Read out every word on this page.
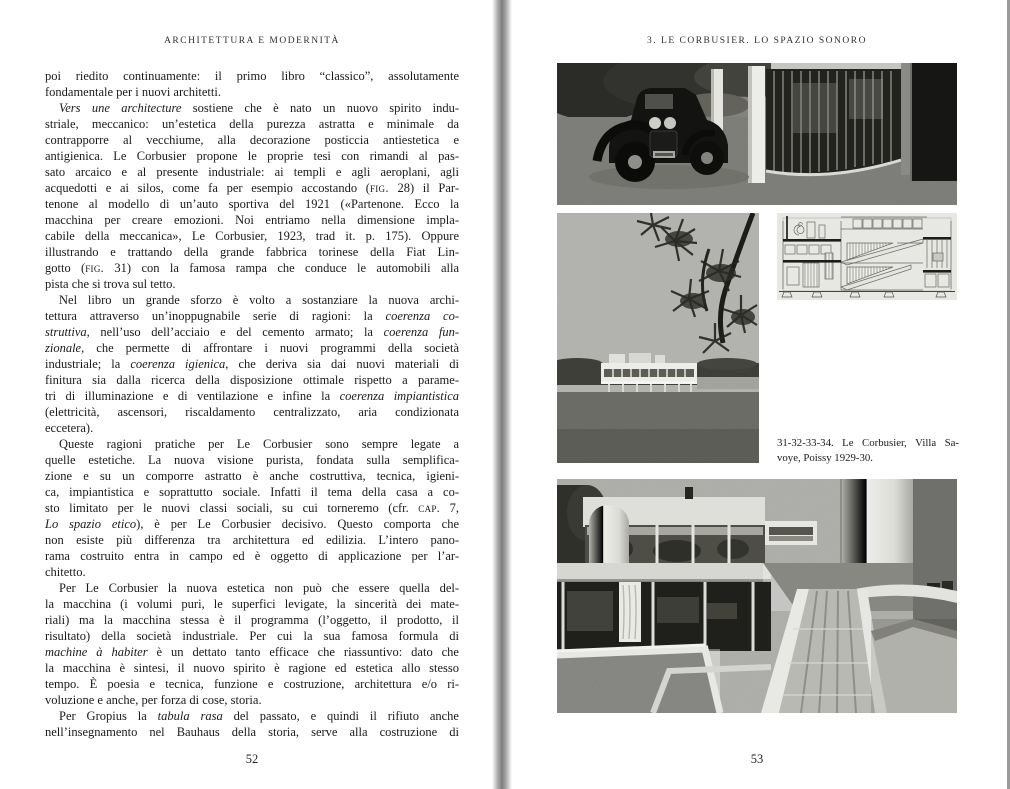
ARCHITETTURA E MODERNITÀ
poi riedito continuamente: il primo libro “classico”, assolutamente
fondamentale per i nuovi architetti.
Vers une architecture sostiene che è nato un nuovo spirito indu-
striale, meccanico: un’estetica della purezza astratta e minimale da
contrapporre al vecchiume, alla decorazione posticcia antiestetica e
antigienica. Le Corbusier propone le proprie tesi con rimandi al pas-
sato arcaico e al presente industriale: ai templi e agli aeroplani, agli
acquedotti e ai silos, come fa per esempio accostando (fig. 28) il Par-
tenone al modello di un’auto sportiva del 1921 («Partenone. Ecco la
macchina per creare emozioni. Noi entriamo nella dimensione impla-
cabile della meccanica», Le Corbusier, 1923, trad it. p. 175). Oppure
illustrando e trattando della grande fabbrica torinese della Fiat Lin-
gotto (fig. 31) con la famosa rampa che conduce le automobili alla
pista che si trova sul tetto.
Nel libro un grande sforzo è volto a sostanziare la nuova archi-
tettura attraverso un’inoppugnabile serie di ragioni: la coerenza co-
struttiva, nell’uso dell’acciaio e del cemento armato; la coerenza fun-
zionale, che permette di affrontare i nuovi programmi della società
industriale; la coerenza igienica, che deriva sia dai nuovi materiali di
finitura sia dalla ricerca della disposizione ottimale rispetto a parame-
tri di illuminazione e di ventilazione e infine la coerenza impiantistica
(elettricità, ascensori, riscaldamento centralizzato, aria condizionata
eccetera).
Queste ragioni pratiche per Le Corbusier sono sempre legate a
quelle estetiche. La nuova visione purista, fondata sulla semplifica-
zione e su un comporre astratto è anche costruttiva, tecnica, igieni-
ca, impiantistica e soprattutto sociale. Infatti il tema della casa a co-
sto limitato per le nuovi classi sociali, su cui torneremo (cfr. cap. 7,
Lo spazio etico), è per Le Corbusier decisivo. Questo comporta che
non esiste più differenza tra architettura ed edilizia. L’intero pano-
rama costruito entra in campo ed è oggetto di applicazione per l’ar-
chitetto.
Per Le Corbusier la nuova estetica non può che essere quella del-
la macchina (i volumi puri, le superfici levigate, la sincerità dei mate-
riali) ma la macchina stessa è il programma (l’oggetto, il prodotto, il
risultato) della società industriale. Per cui la sua famosa formula di
machine à habiter è un dettato tanto efficace che riassuntivo: dato che
la macchina è sintesi, il nuovo spirito è ragione ed estetica allo stesso
tempo. È poesia e tecnica, funzione e costruzione, architettura e/o ri-
voluzione e anche, per forza di cose, storia.
Per Gropius la tabula rasa del passato, e quindi il rifiuto anche
nell’insegnamento nel Bauhaus della storia, serve alla costruzione di
52
3. LE CORBUSIER. LO SPAZIO SONORO
31-32-33-34. Le Corbusier, Villa Sa-
voye, Poissy 1929-30.
53
